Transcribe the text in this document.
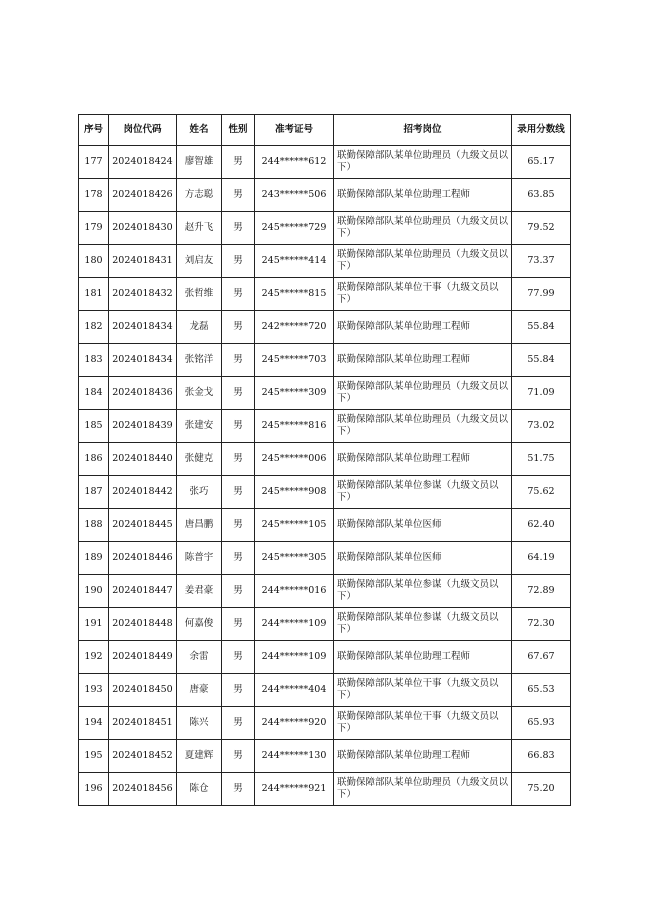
序号	岗位代码	姓名	性别	准考证号	招考岗位	录用分数线
177	2024018424	廖智雄	男	244******612	联勤保障部队某单位助理员（九级文员以下）	65.17
178	2024018426	方志聪	男	243******506	联勤保障部队某单位助理工程师	63.85
179	2024018430	赵升飞	男	245******729	联勤保障部队某单位助理员（九级文员以下）	79.52
180	2024018431	刘启友	男	245******414	联勤保障部队某单位助理员（九级文员以下）	73.37
181	2024018432	张哲维	男	245******815	联勤保障部队某单位干事（九级文员以下）	77.99
182	2024018434	龙磊	男	242******720	联勤保障部队某单位助理工程师	55.84
183	2024018434	张铭洋	男	245******703	联勤保障部队某单位助理工程师	55.84
184	2024018436	张金戈	男	245******309	联勤保障部队某单位助理员（九级文员以下）	71.09
185	2024018439	张建安	男	245******816	联勤保障部队某单位助理员（九级文员以下）	73.02
186	2024018440	张健克	男	245******006	联勤保障部队某单位助理工程师	51.75
187	2024018442	张巧	男	245******908	联勤保障部队某单位参谋（九级文员以下）	75.62
188	2024018445	唐昌鹏	男	245******105	联勤保障部队某单位医师	62.40
189	2024018446	陈普宇	男	245******305	联勤保障部队某单位医师	64.19
190	2024018447	姜君豪	男	244******016	联勤保障部队某单位参谋（九级文员以下）	72.89
191	2024018448	何嘉俊	男	244******109	联勤保障部队某单位参谋（九级文员以下）	72.30
192	2024018449	余雷	男	244******109	联勤保障部队某单位助理工程师	67.67
193	2024018450	唐豪	男	244******404	联勤保障部队某单位干事（九级文员以下）	65.53
194	2024018451	陈兴	男	244******920	联勤保障部队某单位干事（九级文员以下）	65.93
195	2024018452	夏建辉	男	244******130	联勤保障部队某单位助理工程师	66.83
196	2024018456	陈仓	男	244******921	联勤保障部队某单位助理员（九级文员以下）	75.20
